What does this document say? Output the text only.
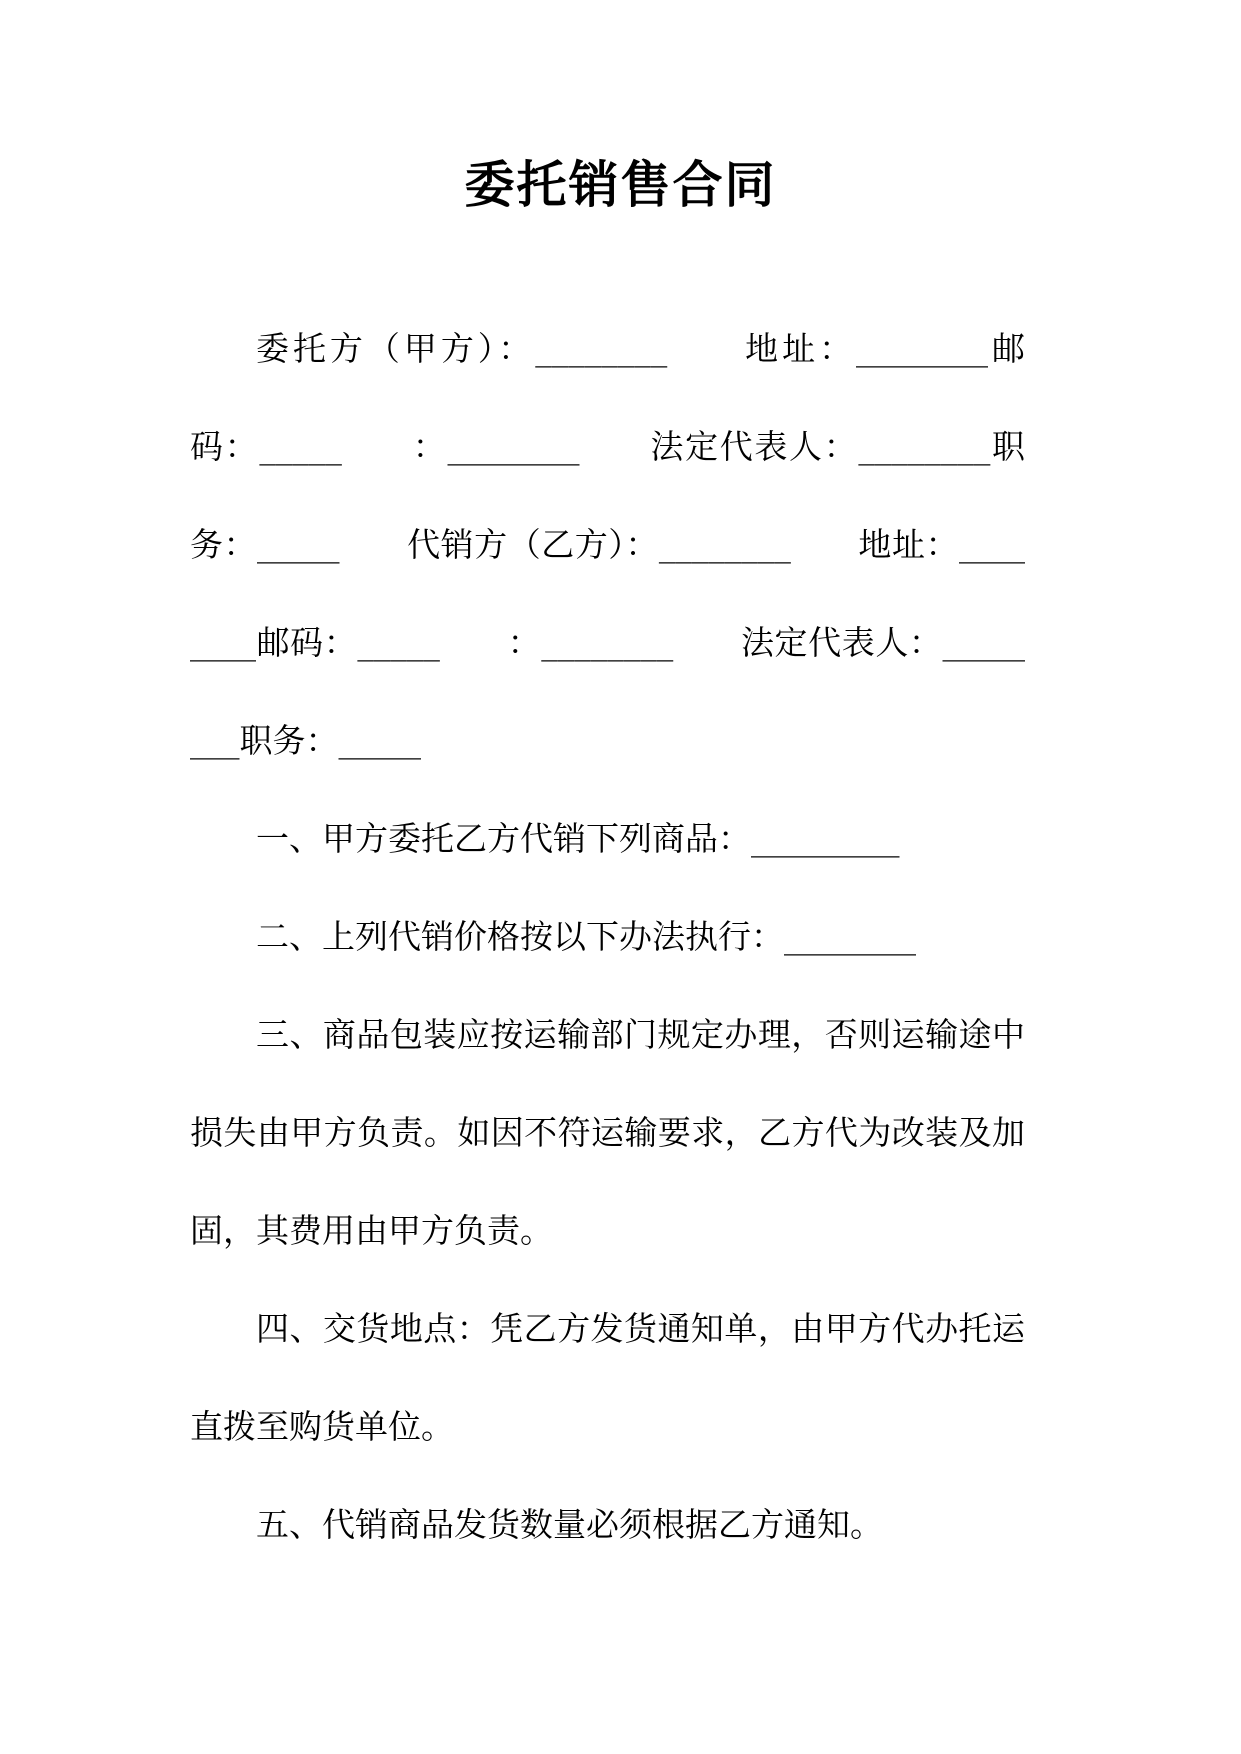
委托销售合同

委托方（甲方）：________　　地址：________邮码：_____　　：________　　法定代表人：________职务：_____　　代销方（乙方）：________　　地址：________邮码：_____　　：________　　法定代表人：________职务：_____

一、甲方委托乙方代销下列商品：_________

二、上列代销价格按以下办法执行：________

三、商品包装应按运输部门规定办理，否则运输途中损失由甲方负责。如因不符运输要求，乙方代为改装及加固，其费用由甲方负责。

四、交货地点：凭乙方发货通知单，由甲方代办托运直拨至购货单位。

五、代销商品发货数量必须根据乙方通知。
